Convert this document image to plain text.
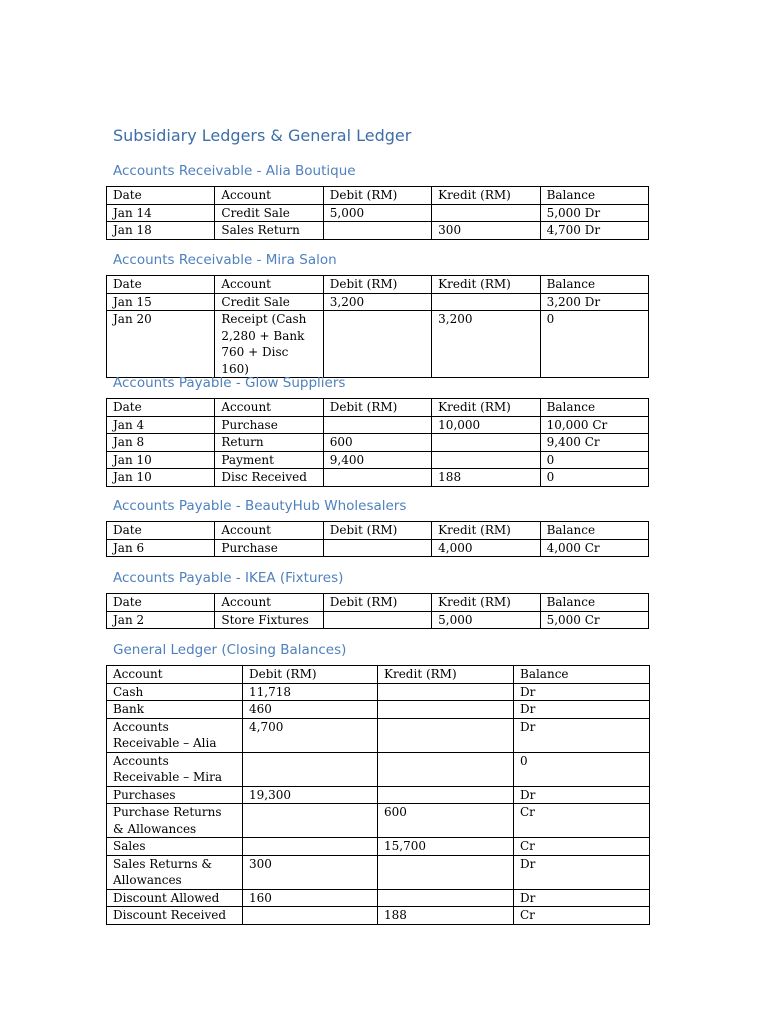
Subsidiary Ledgers & General Ledger
Accounts Receivable - Alia Boutique
Date	Account	Debit (RM)	Kredit (RM)	Balance
Jan 14	Credit Sale	5,000		5,000 Dr
Jan 18	Sales Return		300	4,700 Dr
Accounts Receivable - Mira Salon
Date	Account	Debit (RM)	Kredit (RM)	Balance
Jan 15	Credit Sale	3,200		3,200 Dr
Jan 20	Receipt (Cash 2,280 + Bank 760 + Disc 160)		3,200	0
Accounts Payable - Glow Suppliers
Date	Account	Debit (RM)	Kredit (RM)	Balance
Jan 4	Purchase		10,000	10,000 Cr
Jan 8	Return	600		9,400 Cr
Jan 10	Payment	9,400		0
Jan 10	Disc Received		188	0
Accounts Payable - BeautyHub Wholesalers
Date	Account	Debit (RM)	Kredit (RM)	Balance
Jan 6	Purchase		4,000	4,000 Cr
Accounts Payable - IKEA (Fixtures)
Date	Account	Debit (RM)	Kredit (RM)	Balance
Jan 2	Store Fixtures		5,000	5,000 Cr
General Ledger (Closing Balances)
Account	Debit (RM)	Kredit (RM)	Balance
Cash	11,718		Dr
Bank	460		Dr
Accounts Receivable – Alia	4,700		Dr
Accounts Receivable – Mira			0
Purchases	19,300		Dr
Purchase Returns & Allowances		600	Cr
Sales		15,700	Cr
Sales Returns & Allowances	300		Dr
Discount Allowed	160		Dr
Discount Received		188	Cr
